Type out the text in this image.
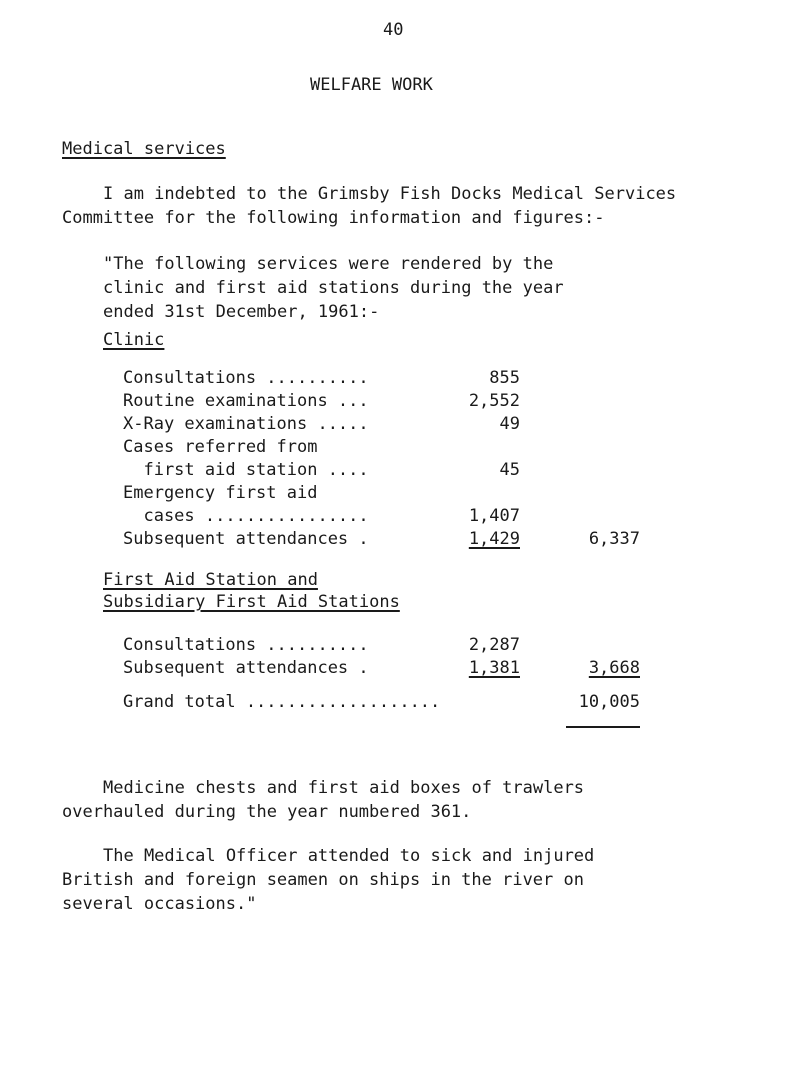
40
WELFARE WORK
Medical services
I am indebted to the Grimsby Fish Docks Medical Services
Committee for the following information and figures:-
"The following services were rendered by the
clinic and first aid stations during the year
ended 31st December, 1961:-
Clinic
Consultations ..........	855
Routine examinations ...	2,552
X-Ray examinations .....	49
Cases referred from
first aid station ....	45
Emergency first aid
cases ................	1,407
Subsequent attendances .	1,429	6,337
First Aid Station and
Subsidiary First Aid Stations
Consultations ..........	2,287
Subsequent attendances .	1,381	3,668
Grand total ...................	10,005
Medicine chests and first aid boxes of trawlers
overhauled during the year numbered 361.
The Medical Officer attended to sick and injured
British and foreign seamen on ships in the river on
several occasions."
